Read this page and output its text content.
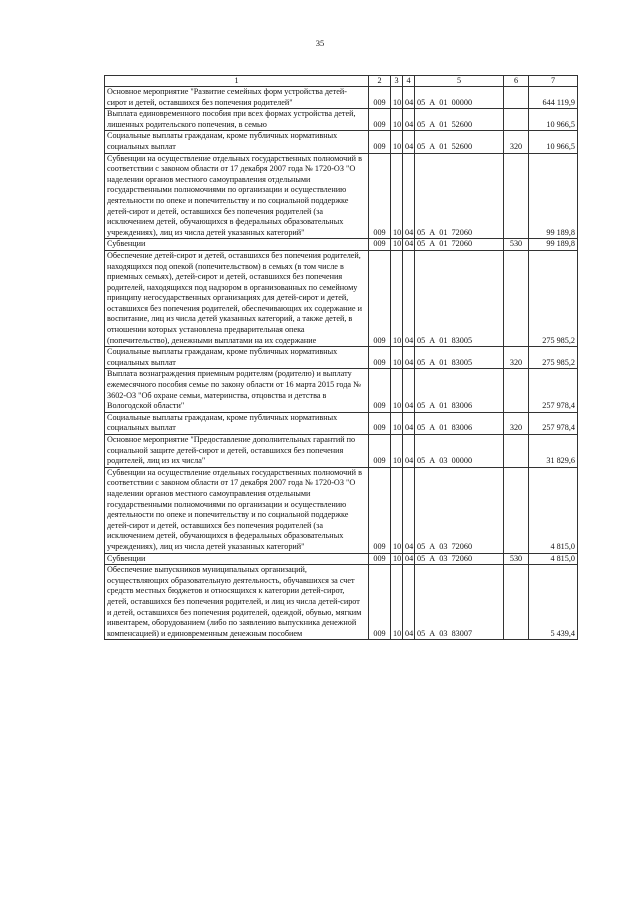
35
1	2	3	4	5	6	7
Основное мероприятие "Развитие семейных форм устройства детей-сирот и детей, оставшихся без попечения родителей"	009	10	04	05  А  01  00000		644 119,9
Выплата единовременного пособия при всех формах устройства детей, лишенных родительского попечения, в семью	009	10	04	05  А  01  52600		10 966,5
Социальные выплаты гражданам, кроме публичных нормативных социальных выплат	009	10	04	05  А  01  52600	320	10 966,5
Субвенции на осуществление отдельных государственных полномочий в соответствии с законом области от 17 декабря 2007 года № 1720-ОЗ "О наделении органов местного самоуправления отдельными государственными полномочиями по организации и осуществлению деятельности по опеке и попечительству и по социальной поддержке детей-сирот и детей, оставшихся без попечения родителей (за исключением детей, обучающихся в федеральных образовательных учреждениях), лиц из числа детей указанных категорий"	009	10	04	05  А  01  72060		99 189,8
Субвенции	009	10	04	05  А  01  72060	530	99 189,8
Обеспечение детей-сирот и детей, оставшихся без попечения родителей, находящихся под опекой (попечительством) в семьях (в том числе в приемных семьях), детей-сирот и детей, оставшихся без попечения родителей, находящихся под надзором в организованных по семейному принципу негосударственных организациях для детей-сирот и детей, оставшихся без попечения родителей, обеспечивающих их содержание и воспитание, лиц из числа детей указанных категорий, а также детей, в отношении которых установлена предварительная опека (попечительство), денежными выплатами на их содержание	009	10	04	05  А  01  83005		275 985,2
Социальные выплаты гражданам, кроме публичных нормативных социальных выплат	009	10	04	05  А  01  83005	320	275 985,2
Выплата вознаграждения приемным родителям (родителю) и выплату ежемесячного пособия семье по закону области от 16 марта 2015 года № 3602-ОЗ "Об охране семьи, материнства, отцовства и детства в Вологодской области"	009	10	04	05  А  01  83006		257 978,4
Социальные выплаты гражданам, кроме публичных нормативных социальных выплат	009	10	04	05  А  01  83006	320	257 978,4
Основное мероприятие "Предоставление дополнительных гарантий по социальной защите детей-сирот и детей, оставшихся без попечения родителей, лиц из их числа"	009	10	04	05  А  03  00000		31 829,6
Субвенции на осуществление отдельных государственных полномочий в соответствии с законом области от 17 декабря 2007 года № 1720-ОЗ "О наделении органов местного самоуправления отдельными государственными полномочиями по организации и осуществлению деятельности по опеке и попечительству и по социальной поддержке детей-сирот и детей, оставшихся без попечения родителей (за исключением детей, обучающихся в федеральных образовательных учреждениях), лиц из числа детей указанных категорий"	009	10	04	05  А  03  72060		4 815,0
Субвенции	009	10	04	05  А  03  72060	530	4 815,0
Обеспечение выпускников муниципальных организаций, осуществляющих образовательную деятельность, обучавшихся за счет средств местных бюджетов и относящихся к категории детей-сирот, детей, оставшихся без попечения родителей, и лиц из числа детей-сирот и детей, оставшихся без попечения родителей, одеждой, обувью, мягким инвентарем, оборудованием (либо по заявлению выпускника денежной компенсацией) и единовременным денежным пособием	009	10	04	05  А  03  83007		5 439,4
